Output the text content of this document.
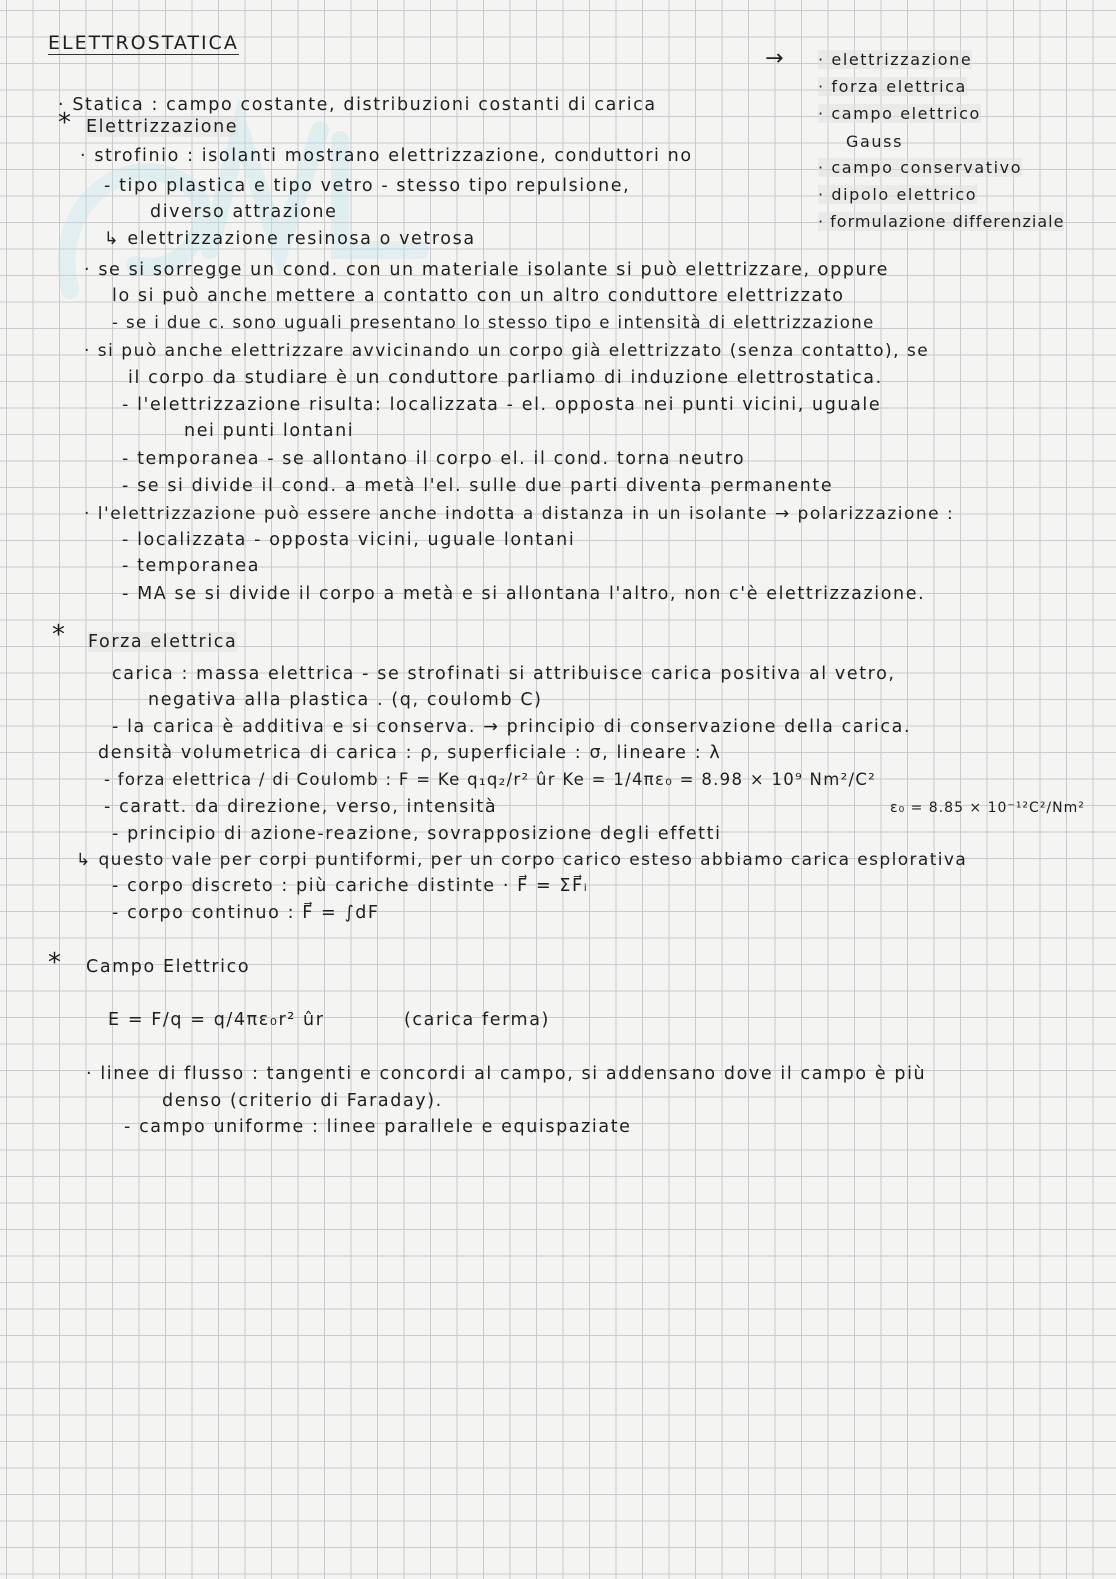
ELETTROSTATICA
→ · elettrizzazione
· forza elettrica
· campo elettrico
Gauss
· campo conservativo
· dipolo elettrico
· formulazione differenziale
· Statica : campo costante, distribuzioni costanti di carica
* Elettrizzazione
· strofinio : isolanti mostrano elettrizzazione, conduttori no
- tipo plastica e tipo vetro - stesso tipo repulsione,
diverso attrazione
↳ elettrizzazione resinosa o vetrosa
· se si sorregge un cond. con un materiale isolante si può elettrizzare, oppure
lo si può anche mettere a contatto con un altro conduttore elettrizzato
- se i due c. sono uguali presentano lo stesso tipo e intensità di elettrizzazione
· si può anche elettrizzare avvicinando un corpo già elettrizzato (senza contatto), se
il corpo da studiare è un conduttore parliamo di induzione elettrostatica.
- l'elettrizzazione risulta: localizzata - el. opposta nei punti vicini, uguale
nei punti lontani
- temporanea - se allontano il corpo el. il cond. torna neutro
- se si divide il cond. a metà l'el. sulle due parti diventa permanente
· l'elettrizzazione può essere anche indotta a distanza in un isolante → polarizzazione :
- localizzata - opposta vicini, uguale lontani
- temporanea
- MA se si divide il corpo a metà e si allontana l'altro, non c'è elettrizzazione.
* Forza elettrica
carica : massa elettrica - se strofinati si attribuisce carica positiva al vetro,
negativa alla plastica . (q, coulomb C)
- la carica è additiva e si conserva. → principio di conservazione della carica.
densità volumetrica di carica : ρ, superficiale : σ, lineare : λ
- forza elettrica / di Coulomb : F = Ke q₁q₂/r² ûr Ke = 1/4πε₀ = 8.98 × 10⁹ Nm²/C²
- caratt. da direzione, verso, intensità	ε₀ = 8.85 × 10⁻¹²C²/Nm²
- principio di azione-reazione, sovrapposizione degli effetti
↳ questo vale per corpi puntiformi, per un corpo carico esteso abbiamo carica esplorativa
- corpo discreto : più cariche distinte · F⃗ = ΣF⃗ᵢ
- corpo continuo : F⃗ = ∫dF
* Campo Elettrico
E = F/q = q/4πε₀r² ûr	(carica ferma)
· linee di flusso : tangenti e concordi al campo, si addensano dove il campo è più
denso (criterio di Faraday).
- campo uniforme : linee parallele e equispaziate
